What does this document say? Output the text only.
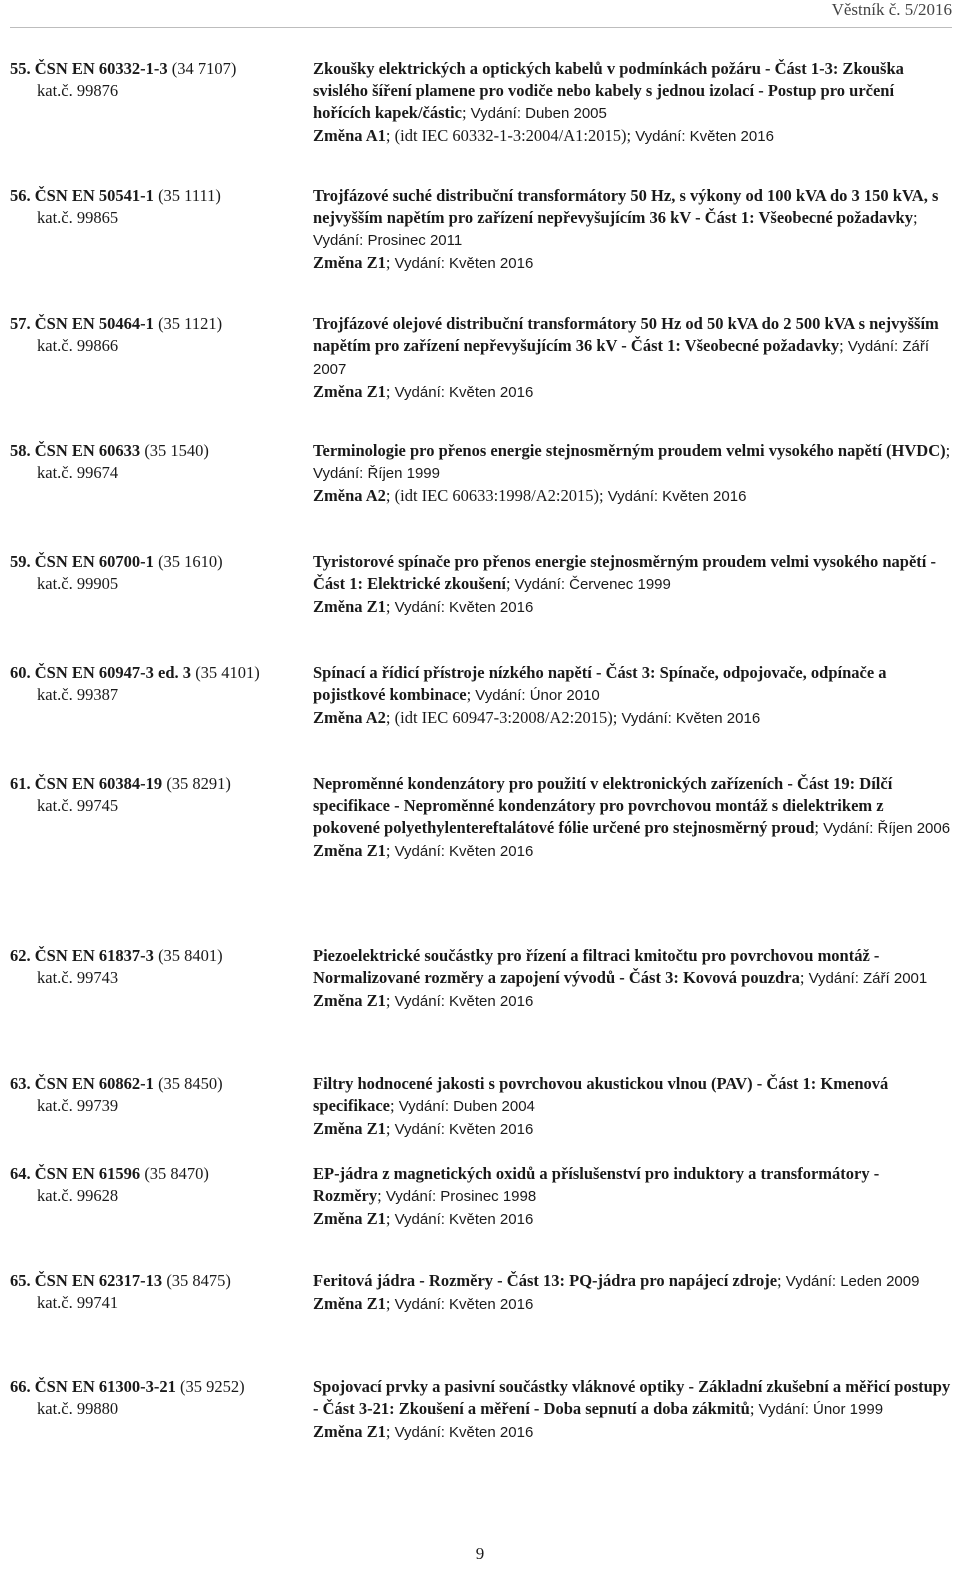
Věstník č. 5/2016
55. ČSN EN 60332-1-3 (34 7107)
kat.č. 99876
Zkoušky elektrických a optických kabelů v podmínkách požáru - Část 1-3: Zkouška svislého šíření plamene pro vodiče nebo kabely s jednou izolací - Postup pro určení hořících kapek/částic; Vydání: Duben 2005
Změna A1; (idt IEC 60332-1-3:2004/A1:2015); Vydání: Květen 2016
56. ČSN EN 50541-1 (35 1111)
kat.č. 99865
Trojfázové suché distribuční transformátory 50 Hz, s výkony od 100 kVA do 3 150 kVA, s nejvyšším napětím pro zařízení nepřevyšujícím 36 kV - Část 1: Všeobecné požadavky; Vydání: Prosinec 2011
Změna Z1; Vydání: Květen 2016
57. ČSN EN 50464-1 (35 1121)
kat.č. 99866
Trojfázové olejové distribuční transformátory 50 Hz od 50 kVA do 2 500 kVA s nejvyšším napětím pro zařízení nepřevyšujícím 36 kV - Část 1: Všeobecné požadavky; Vydání: Září 2007
Změna Z1; Vydání: Květen 2016
58. ČSN EN 60633 (35 1540)
kat.č. 99674
Terminologie pro přenos energie stejnosměrným proudem velmi vysokého napětí (HVDC); Vydání: Říjen 1999
Změna A2; (idt IEC 60633:1998/A2:2015); Vydání: Květen 2016
59. ČSN EN 60700-1 (35 1610)
kat.č. 99905
Tyristorové spínače pro přenos energie stejnosměrným proudem velmi vysokého napětí - Část 1: Elektrické zkoušení; Vydání: Červenec 1999
Změna Z1; Vydání: Květen 2016
60. ČSN EN 60947-3 ed. 3 (35 4101)
kat.č. 99387
Spínací a řídicí přístroje nízkého napětí - Část 3: Spínače, odpojovače, odpínače a pojistkové kombinace; Vydání: Únor 2010
Změna A2; (idt IEC 60947-3:2008/A2:2015); Vydání: Květen 2016
61. ČSN EN 60384-19 (35 8291)
kat.č. 99745
Neproměnné kondenzátory pro použití v elektronických zařízeních - Část 19: Dílčí specifikace - Neproměnné kondenzátory pro povrchovou montáž s dielektrikem z pokovené polyethylentereftalátové fólie určené pro stejnosměrný proud; Vydání: Říjen 2006
Změna Z1; Vydání: Květen 2016
62. ČSN EN 61837-3 (35 8401)
kat.č. 99743
Piezoelektrické součástky pro řízení a filtraci kmitočtu pro povrchovou montáž - Normalizované rozměry a zapojení vývodů - Část 3: Kovová pouzdra; Vydání: Září 2001
Změna Z1; Vydání: Květen 2016
63. ČSN EN 60862-1 (35 8450)
kat.č. 99739
Filtry hodnocené jakosti s povrchovou akustickou vlnou (PAV) - Část 1: Kmenová specifikace; Vydání: Duben 2004
Změna Z1; Vydání: Květen 2016
64. ČSN EN 61596 (35 8470)
kat.č. 99628
EP-jádra z magnetických oxidů a příslušenství pro induktory a transformátory - Rozměry; Vydání: Prosinec 1998
Změna Z1; Vydání: Květen 2016
65. ČSN EN 62317-13 (35 8475)
kat.č. 99741
Feritová jádra - Rozměry - Část 13: PQ-jádra pro napájecí zdroje; Vydání: Leden 2009
Změna Z1; Vydání: Květen 2016
66. ČSN EN 61300-3-21 (35 9252)
kat.č. 99880
Spojovací prvky a pasivní součástky vláknové optiky - Základní zkušební a měřicí postupy - Část 3-21: Zkoušení a měření - Doba sepnutí a doba zákmitů; Vydání: Únor 1999
Změna Z1; Vydání: Květen 2016
9
